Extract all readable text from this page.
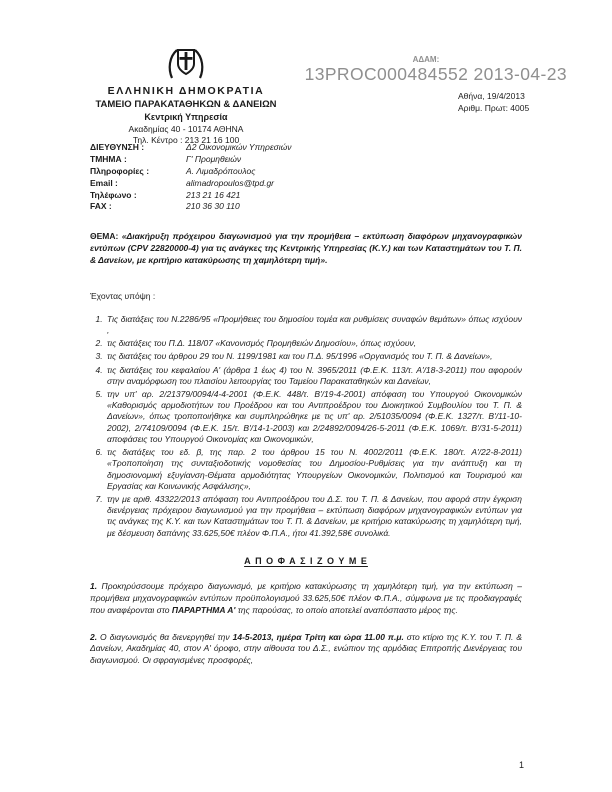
ΑΔΑΜ:
13PROC000484552 2013-04-23
ΕΛΛΗΝΙΚΗ ΔΗΜΟΚΡΑΤΙΑ
ΤΑΜΕΙΟ ΠΑΡΑΚΑΤΑΘΗΚΩΝ & ΔΑΝΕΙΩΝ
Κεντρική Υπηρεσία
Ακαδημίας 40 - 10174 ΑΘΗΝΑ
Τηλ. Κέντρο : 213 21 16 100
Αθήνα, 19/4/2013
Αριθμ. Πρωτ: 4005
ΔΙΕΥΘΥΝΣΗ :	Δ2 Οικονομικών Υπηρεσιών
ΤΜΗΜΑ :	Γ' Προμηθειών
Πληροφορίες :	Α. Λιμαδρόπουλος
Email :	alimadropoulos@tpd.gr
Τηλέφωνο :	213 21 16 421
FAX :	210 36 30 110
ΘΕΜΑ: «Διακήρυξη πρόχειρου διαγωνισμού για την προμήθεια – εκτύπωση διαφόρων μηχανογραφικών εντύπων (CPV 22820000-4) για τις ανάγκες της Κεντρικής Υπηρεσίας (Κ.Υ.) και των Καταστημάτων του Τ. Π. & Δανείων, με κριτήριο κατακύρωσης τη χαμηλότερη τιμή».

Έχοντας υπόψη :

1. Τις διατάξεις του Ν.2286/95 «Προμήθειες του δημοσίου τομέα και ρυθμίσεις συναφών θεμάτων» όπως ισχύουν ,
2. τις διατάξεις του Π.Δ. 118/07 «Κανονισμός Προμηθειών Δημοσίου», όπως ισχύουν,
3. τις διατάξεις του άρθρου 29 του Ν. 1199/1981 και του Π.Δ. 95/1996 «Οργανισμός του Τ. Π. & Δανείων»,
4. τις διατάξεις του κεφαλαίου Α' (άρθρα 1 έως 4) του Ν. 3965/2011 (Φ.Ε.Κ. 113/τ. Α'/18-3-2011) που αφορούν στην αναμόρφωση του πλαισίου λειτουργίας του Ταμείου Παρακαταθηκών και Δανείων,
5. την υπ' αρ. 2/21379/0094/4-4-2001 (Φ.Ε.Κ. 448/τ. Β'/19-4-2001) απόφαση του Υπουργού Οικονομικών «Καθορισμός αρμοδιοτήτων του Προέδρου και του Αντιπροέδρου του Διοικητικού Συμβουλίου του Τ. Π. & Δανείων», όπως τροποποιήθηκε και συμπληρώθηκε με τις υπ' αρ. 2/51035/0094 (Φ.Ε.Κ. 1327/τ. Β'/11-10-2002), 2/74109/0094 (Φ.Ε.Κ. 15/τ. Β'/14-1-2003) και 2/24892/0094/26-5-2011 (Φ.Ε.Κ. 1069/τ. Β'/31-5-2011) αποφάσεις του Υπουργού Οικονομίας και Οικονομικών,
6. τις διατάξεις του εδ. β, της παρ. 2 του άρθρου 15 του Ν. 4002/2011 (Φ.Ε.Κ. 180/τ. Α'/22-8-2011) «Τροποποίηση της συνταξιοδοτικής νομοθεσίας του Δημοσίου-Ρυθμίσεις για την ανάπτυξη και τη δημοσιονομική εξυγίανση-Θέματα αρμοδιότητας Υπουργείων Οικονομικών, Πολιτισμού και Τουρισμού και Εργασίας και Κοινωνικής Ασφάλισης»,
7. την με αριθ. 43322/2013 απόφαση του Αντιπροέδρου του Δ.Σ. του Τ. Π. & Δανείων, που αφορά στην έγκριση διενέργειας πρόχειρου διαγωνισμού για την προμήθεια – εκτύπωση διαφόρων μηχανογραφικών εντύπων για τις ανάγκες της Κ.Υ. και των Καταστημάτων του Τ. Π. & Δανείων, με κριτήριο κατακύρωσης τη χαμηλότερη τιμή, με δέσμευση δαπάνης 33.625,50€ πλέον Φ.Π.Α., ήτοι 41.392,58€ συνολικά.
Α Π Ο Φ Α Σ Ι Ζ Ο Υ Μ Ε

1. Προκηρύσσουμε πρόχειρο διαγωνισμό, με κριτήριο κατακύρωσης τη χαμηλότερη τιμή, για την εκτύπωση – προμήθεια μηχανογραφικών εντύπων προϋπολογισμού 33.625,50€ πλέον Φ.Π.Α., σύμφωνα με τις προδιαγραφές που αναφέρονται στο ΠΑΡΑΡΤΗΜΑ Α' της παρούσας, το οποίο αποτελεί αναπόσπαστο μέρος της.

2. Ο διαγωνισμός θα διενεργηθεί την 14-5-2013, ημέρα Τρίτη και ώρα 11.00 π.μ. στο κτίριο της Κ.Υ. του Τ. Π. & Δανείων, Ακαδημίας 40, στον Α' όροφο, στην αίθουσα του Δ.Σ., ενώπιον της αρμόδιας Επιτροπής Διενέργειας του διαγωνισμού. Οι σφραγισμένες προσφορές,

1
